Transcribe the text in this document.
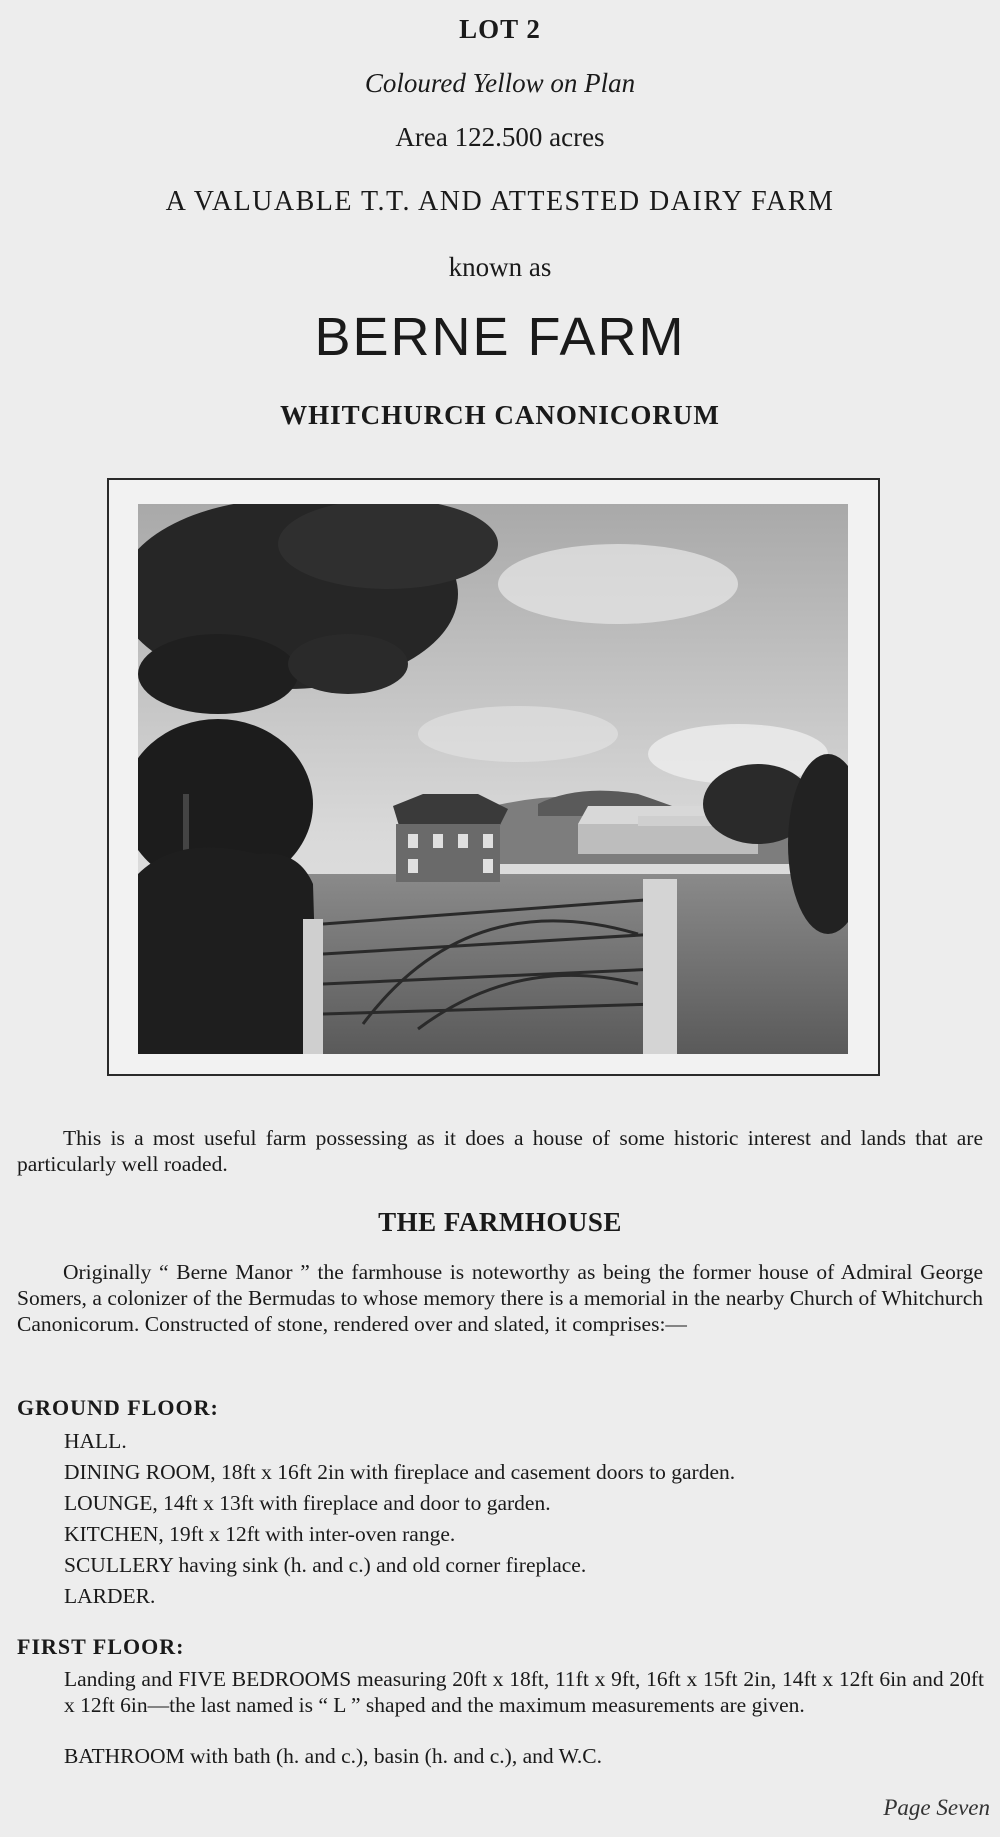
LOT 2
Coloured Yellow on Plan
Area 122.500 acres
A VALUABLE T.T. AND ATTESTED DAIRY FARM
known as
BERNE FARM
WHITCHURCH CANONICORUM
This is a most useful farm possessing as it does a house of some historic interest and lands that are particularly well roaded.
THE FARMHOUSE
Originally “ Berne Manor ” the farmhouse is noteworthy as being the former house of Admiral George Somers, a colonizer of the Bermudas to whose memory there is a memorial in the nearby Church of Whitchurch Canonicorum. Constructed of stone, rendered over and slated, it comprises:—
GROUND FLOOR:
HALL.
DINING ROOM, 18ft x 16ft 2in with fireplace and casement doors to garden.
LOUNGE, 14ft x 13ft with fireplace and door to garden.
KITCHEN, 19ft x 12ft with inter-oven range.
SCULLERY having sink (h. and c.) and old corner fireplace.
LARDER.
FIRST FLOOR:
Landing and FIVE BEDROOMS measuring 20ft x 18ft, 11ft x 9ft, 16ft x 15ft 2in, 14ft x 12ft 6in and 20ft x 12ft 6in—the last named is “ L ” shaped and the maximum measurements are given.
BATHROOM with bath (h. and c.), basin (h. and c.), and W.C.
Page Seven
